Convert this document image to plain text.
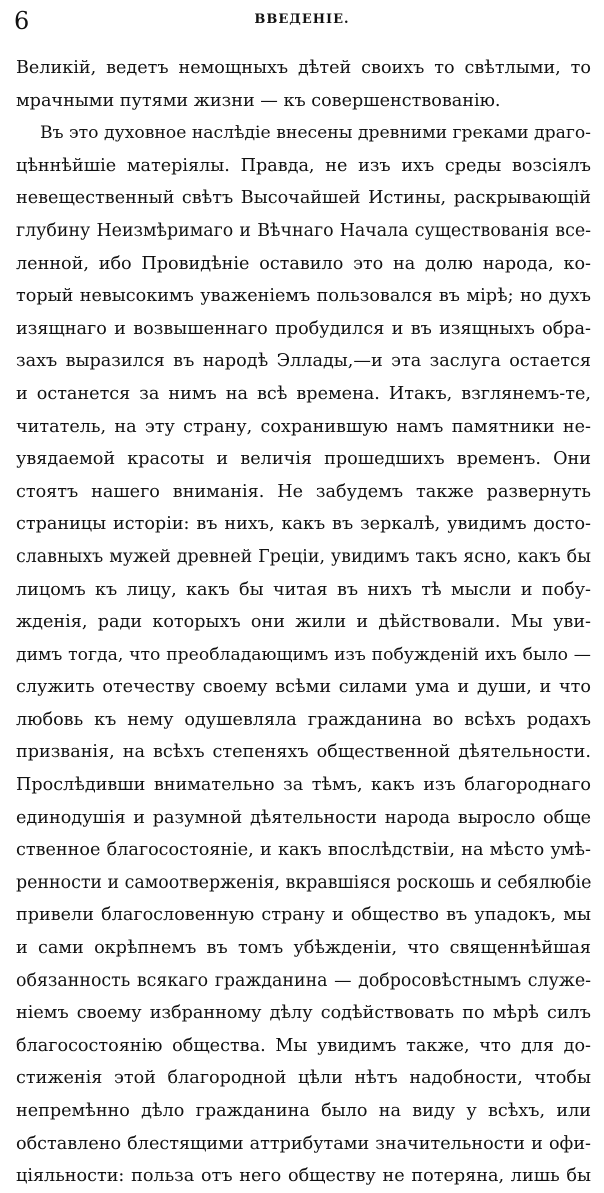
6	ВВЕДЕНІЕ.

Великій, ведетъ немощныхъ дѣтей своихъ то свѣтлыми, то
мрачными путями жизни — къ совершенствованію.

Въ это духовное наслѣдіе внесены древними греками драго-
цѣннѣйшіе матеріялы. Правда, не изъ ихъ среды возсіялъ
невещественный свѣтъ Высочайшей Истины, раскрывающій
глубину Неизмѣримаго и Вѣчнаго Начала существованія все-
ленной, ибо Провидѣніе оставило это на долю народа, ко-
торый невысокимъ уваженіемъ пользовался въ мірѣ; но духъ
изящнаго и возвышеннаго пробудился и въ изящныхъ обра-
захъ выразился въ народѣ Эллады,—и эта заслуга остается
и останется за нимъ на всѣ времена. Итакъ, взглянемъ-те,
читатель, на эту страну, сохранившую намъ памятники не-
увядаемой красоты и величія прошедшихъ временъ. Они
стоятъ нашего вниманія. Не забудемъ также развернуть
страницы исторіи: въ нихъ, какъ въ зеркалѣ, увидимъ досто-
славныхъ мужей древней Греціи, увидимъ такъ ясно, какъ бы
лицомъ къ лицу, какъ бы читая въ нихъ тѣ мысли и побу-
жденія, ради которыхъ они жили и дѣйствовали. Мы уви-
димъ тогда, что преобладающимъ изъ побужденій ихъ было —
служить отечеству своему всѣми силами ума и души, и что
любовь къ нему одушевляла гражданина во всѣхъ родахъ
призванія, на всѣхъ степеняхъ общественной дѣятельности.
Прослѣдивши внимательно за тѣмъ, какъ изъ благороднаго
единодушія и разумной дѣятельности народа выросло обще
ственное благосостояніе, и какъ впослѣдствіи, на мѣсто умѣ-
ренности и самоотверженія, вкравшіяся роскошь и себялюбіе
привели благословенную страну и общество въ упадокъ, мы
и сами окрѣпнемъ въ томъ убѣжденіи, что священнѣйшая
обязанность всякаго гражданина — добросовѣстнымъ служе-
ніемъ своему избранному дѣлу содѣйствовать по мѣрѣ силъ
благосостоянію общества. Мы увидимъ также, что для до-
стиженія этой благородной цѣли нѣтъ надобности, чтобы
непремѣнно дѣло гражданина было на виду у всѣхъ, или
обставлено блестящими аттрибутами значительности и офи-
ціяльности: польза отъ него обществу не потеряна, лишь бы
